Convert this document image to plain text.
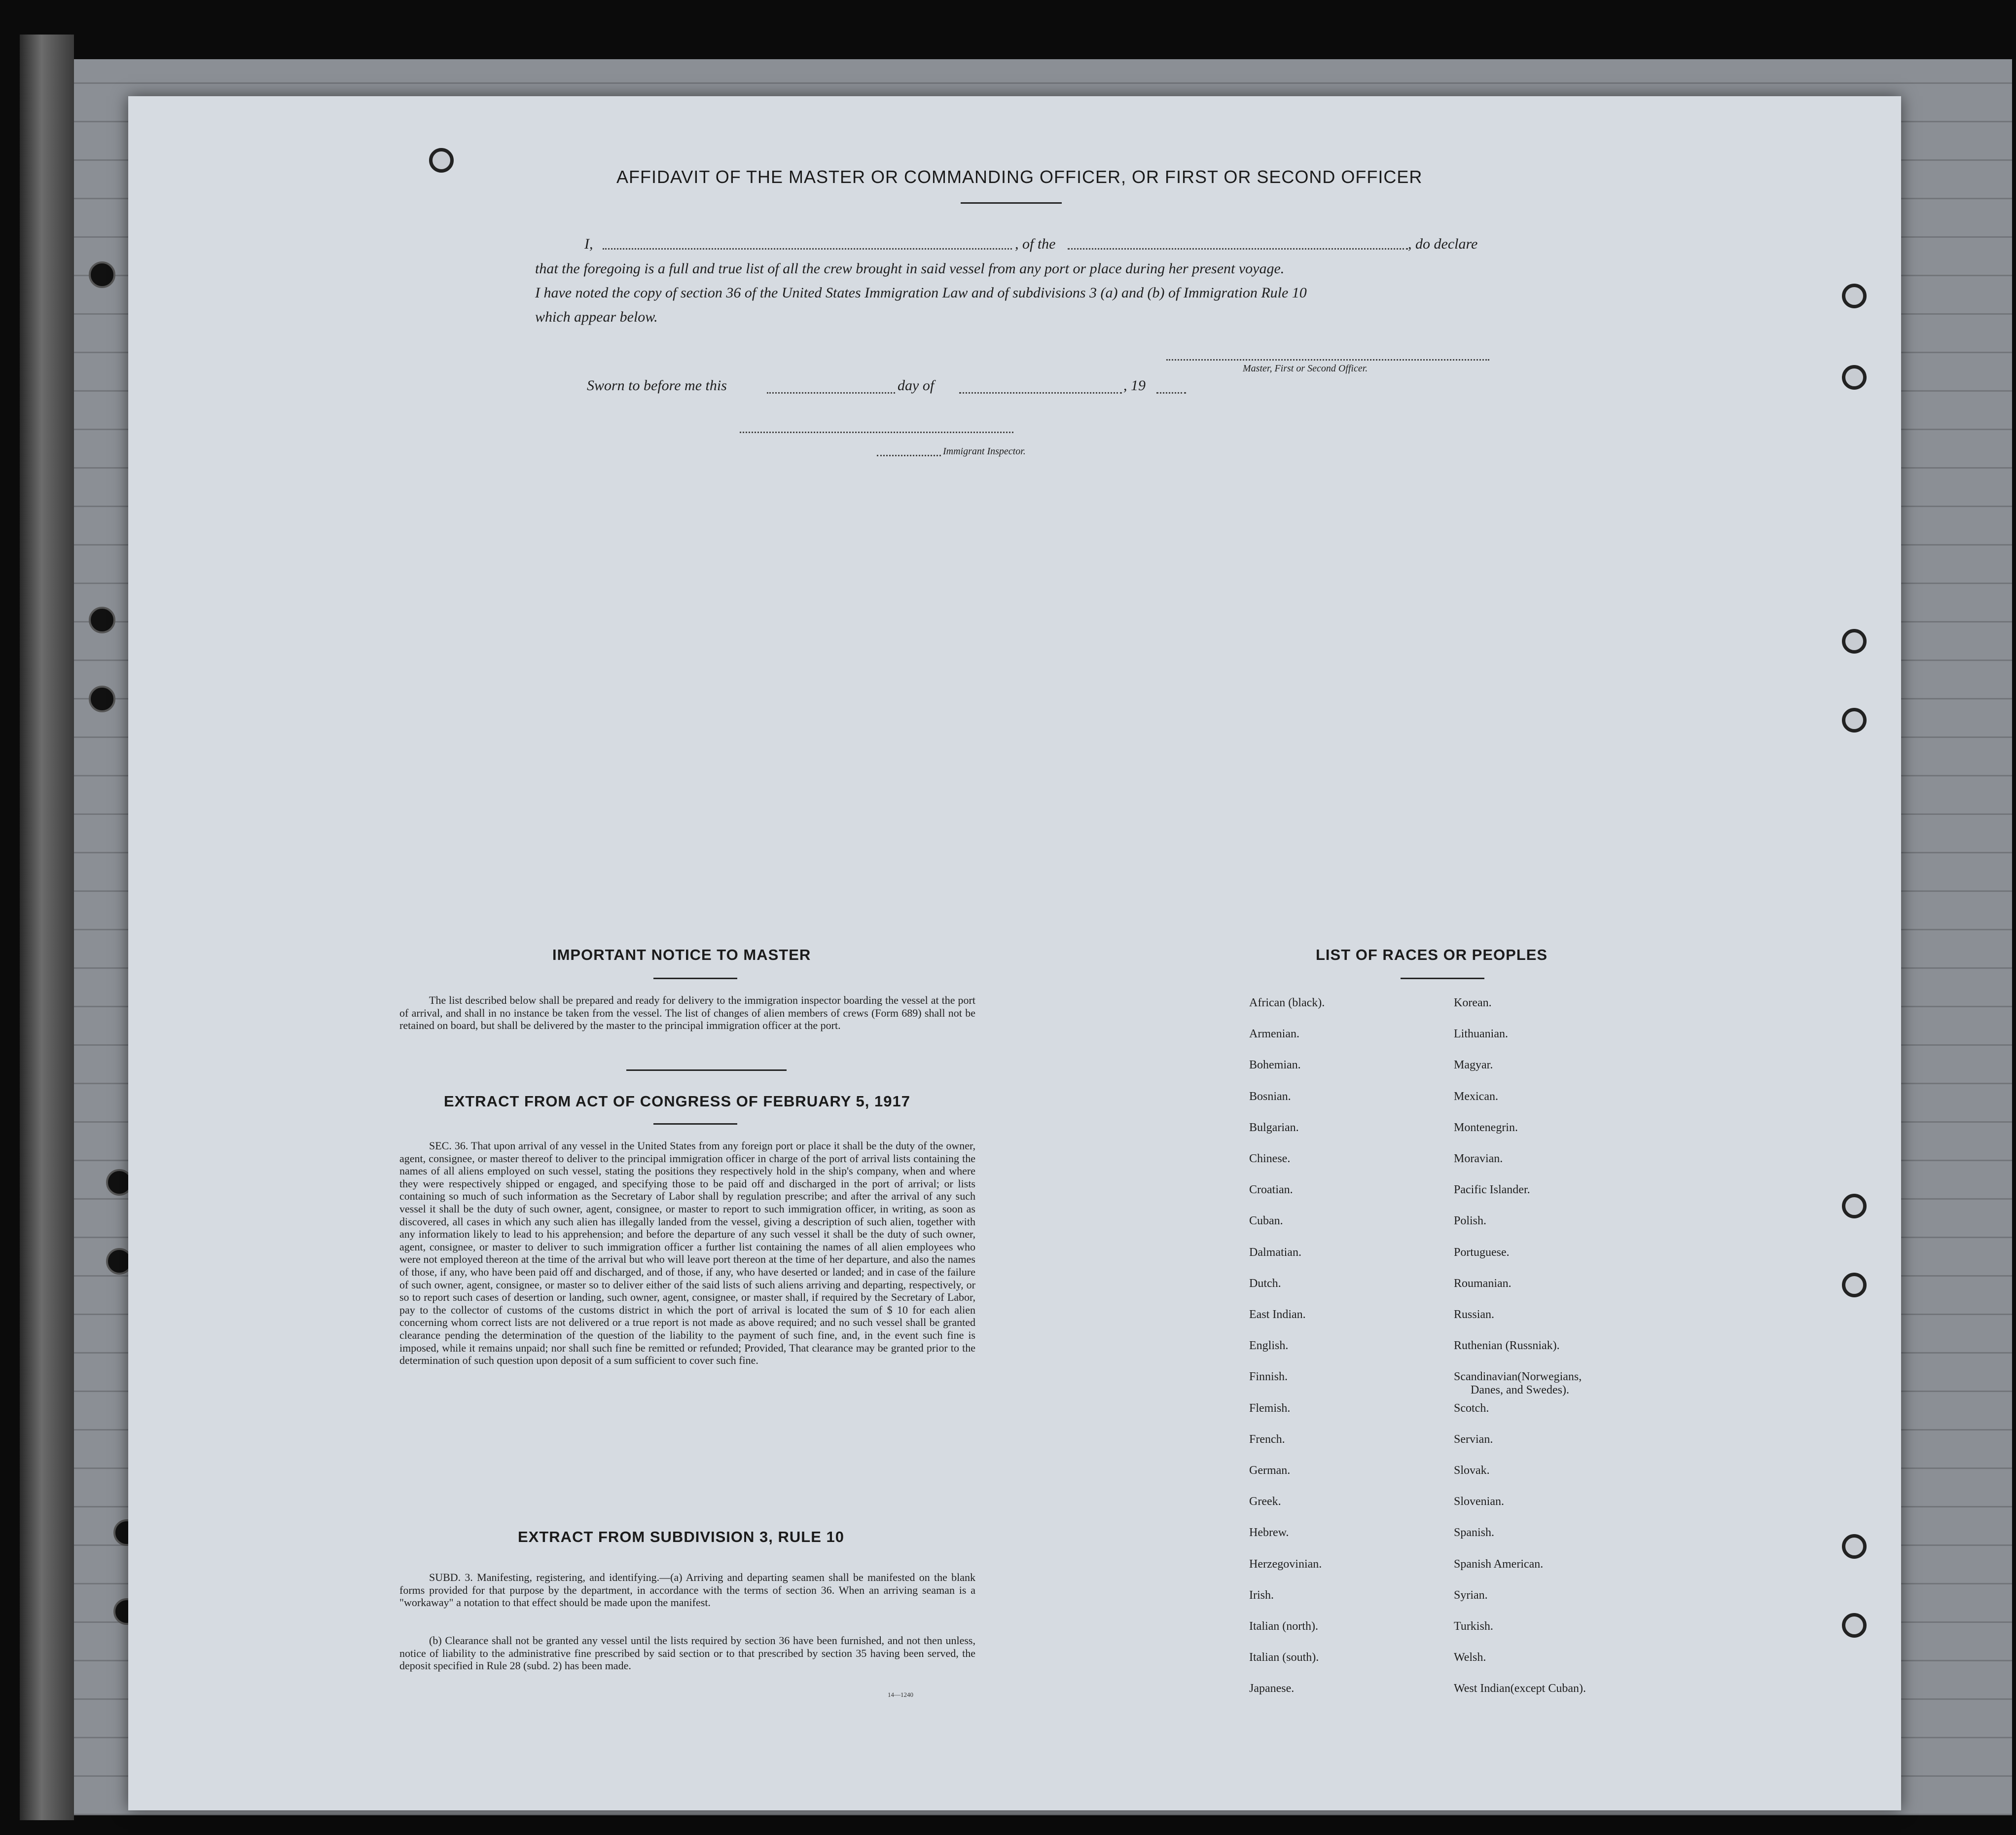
AFFIDAVIT OF THE MASTER OR COMMANDING OFFICER, OR FIRST OR SECOND OFFICER
I,	, of the	, do declare
that the foregoing is a full and true list of all the crew brought in said vessel from any port or place during her present voyage.
I have noted the copy of section 36 of the United States Immigration Law and of subdivisions 3 (a) and (b) of Immigration Rule 10
which appear below.
Master, First or Second Officer.
Sworn to before me this	day of	, 19
Immigrant Inspector.
IMPORTANT NOTICE TO MASTER

The list described below shall be prepared and ready for delivery to the immigration inspector boarding the vessel at the port of arrival, and shall in no instance be taken from the vessel. The list of changes of alien members of crews (Form 689) shall not be retained on board, but shall be delivered by the master to the principal immigration officer at the port.

EXTRACT FROM ACT OF CONGRESS OF FEBRUARY 5, 1917

SEC. 36. That upon arrival of any vessel in the United States from any foreign port or place it shall be the duty of the owner, agent, consignee, or master thereof to deliver to the principal immigration officer in charge of the port of arrival lists containing the names of all aliens employed on such vessel, stating the positions they respectively hold in the ship's company, when and where they were respectively shipped or engaged, and specifying those to be paid off and discharged in the port of arrival; or lists containing so much of such information as the Secretary of Labor shall by regulation prescribe; and after the arrival of any such vessel it shall be the duty of such owner, agent, consignee, or master to report to such immigration officer, in writing, as soon as discovered, all cases in which any such alien has illegally landed from the vessel, giving a description of such alien, together with any information likely to lead to his apprehension; and before the departure of any such vessel it shall be the duty of such owner, agent, consignee, or master to deliver to such immigration officer a further list containing the names of all alien employees who were not employed thereon at the time of the arrival but who will leave port thereon at the time of her departure, and also the names of those, if any, who have been paid off and discharged, and of those, if any, who have deserted or landed; and in case of the failure of such owner, agent, consignee, or master so to deliver either of the said lists of such aliens arriving and departing, respectively, or so to report such cases of desertion or landing, such owner, agent, consignee, or master shall, if required by the Secretary of Labor, pay to the collector of customs of the customs district in which the port of arrival is located the sum of $ 10 for each alien concerning whom correct lists are not delivered or a true report is not made as above required; and no such vessel shall be granted clearance pending the determination of the question of the liability to the payment of such fine, and, in the event such fine is imposed, while it remains unpaid; nor shall such fine be remitted or refunded; Provided, That clearance may be granted prior to the determination of such question upon deposit of a sum sufficient to cover such fine.

EXTRACT FROM SUBDIVISION 3, RULE 10

SUBD. 3. Manifesting, registering, and identifying.—(a) Arriving and departing seamen shall be manifested on the blank forms provided for that purpose by the department, in accordance with the terms of section 36. When an arriving seaman is a "workaway" a notation to that effect should be made upon the manifest.

(b) Clearance shall not be granted any vessel until the lists required by section 36 have been furnished, and not then unless, notice of liability to the administrative fine prescribed by said section or to that prescribed by section 35 having been served, the deposit specified in Rule 28 (subd. 2) has been made.

14—1240
LIST OF RACES OR PEOPLES
African (black).
Armenian.
Bohemian.
Bosnian.
Bulgarian.
Chinese.
Croatian.
Cuban.
Dalmatian.
Dutch.
East Indian.
English.
Finnish.
Flemish.
French.
German.
Greek.
Hebrew.
Herzegovinian.
Irish.
Italian (north).
Italian (south).
Japanese.
Korean.
Lithuanian.
Magyar.
Mexican.
Montenegrin.
Moravian.
Pacific Islander.
Polish.
Portuguese.
Roumanian.
Russian.
Ruthenian (Russniak).
Scandinavian(Norwegians,
Danes, and Swedes).
Scotch.
Servian.
Slovak.
Slovenian.
Spanish.
Spanish American.
Syrian.
Turkish.
Welsh.
West Indian(except Cuban).
